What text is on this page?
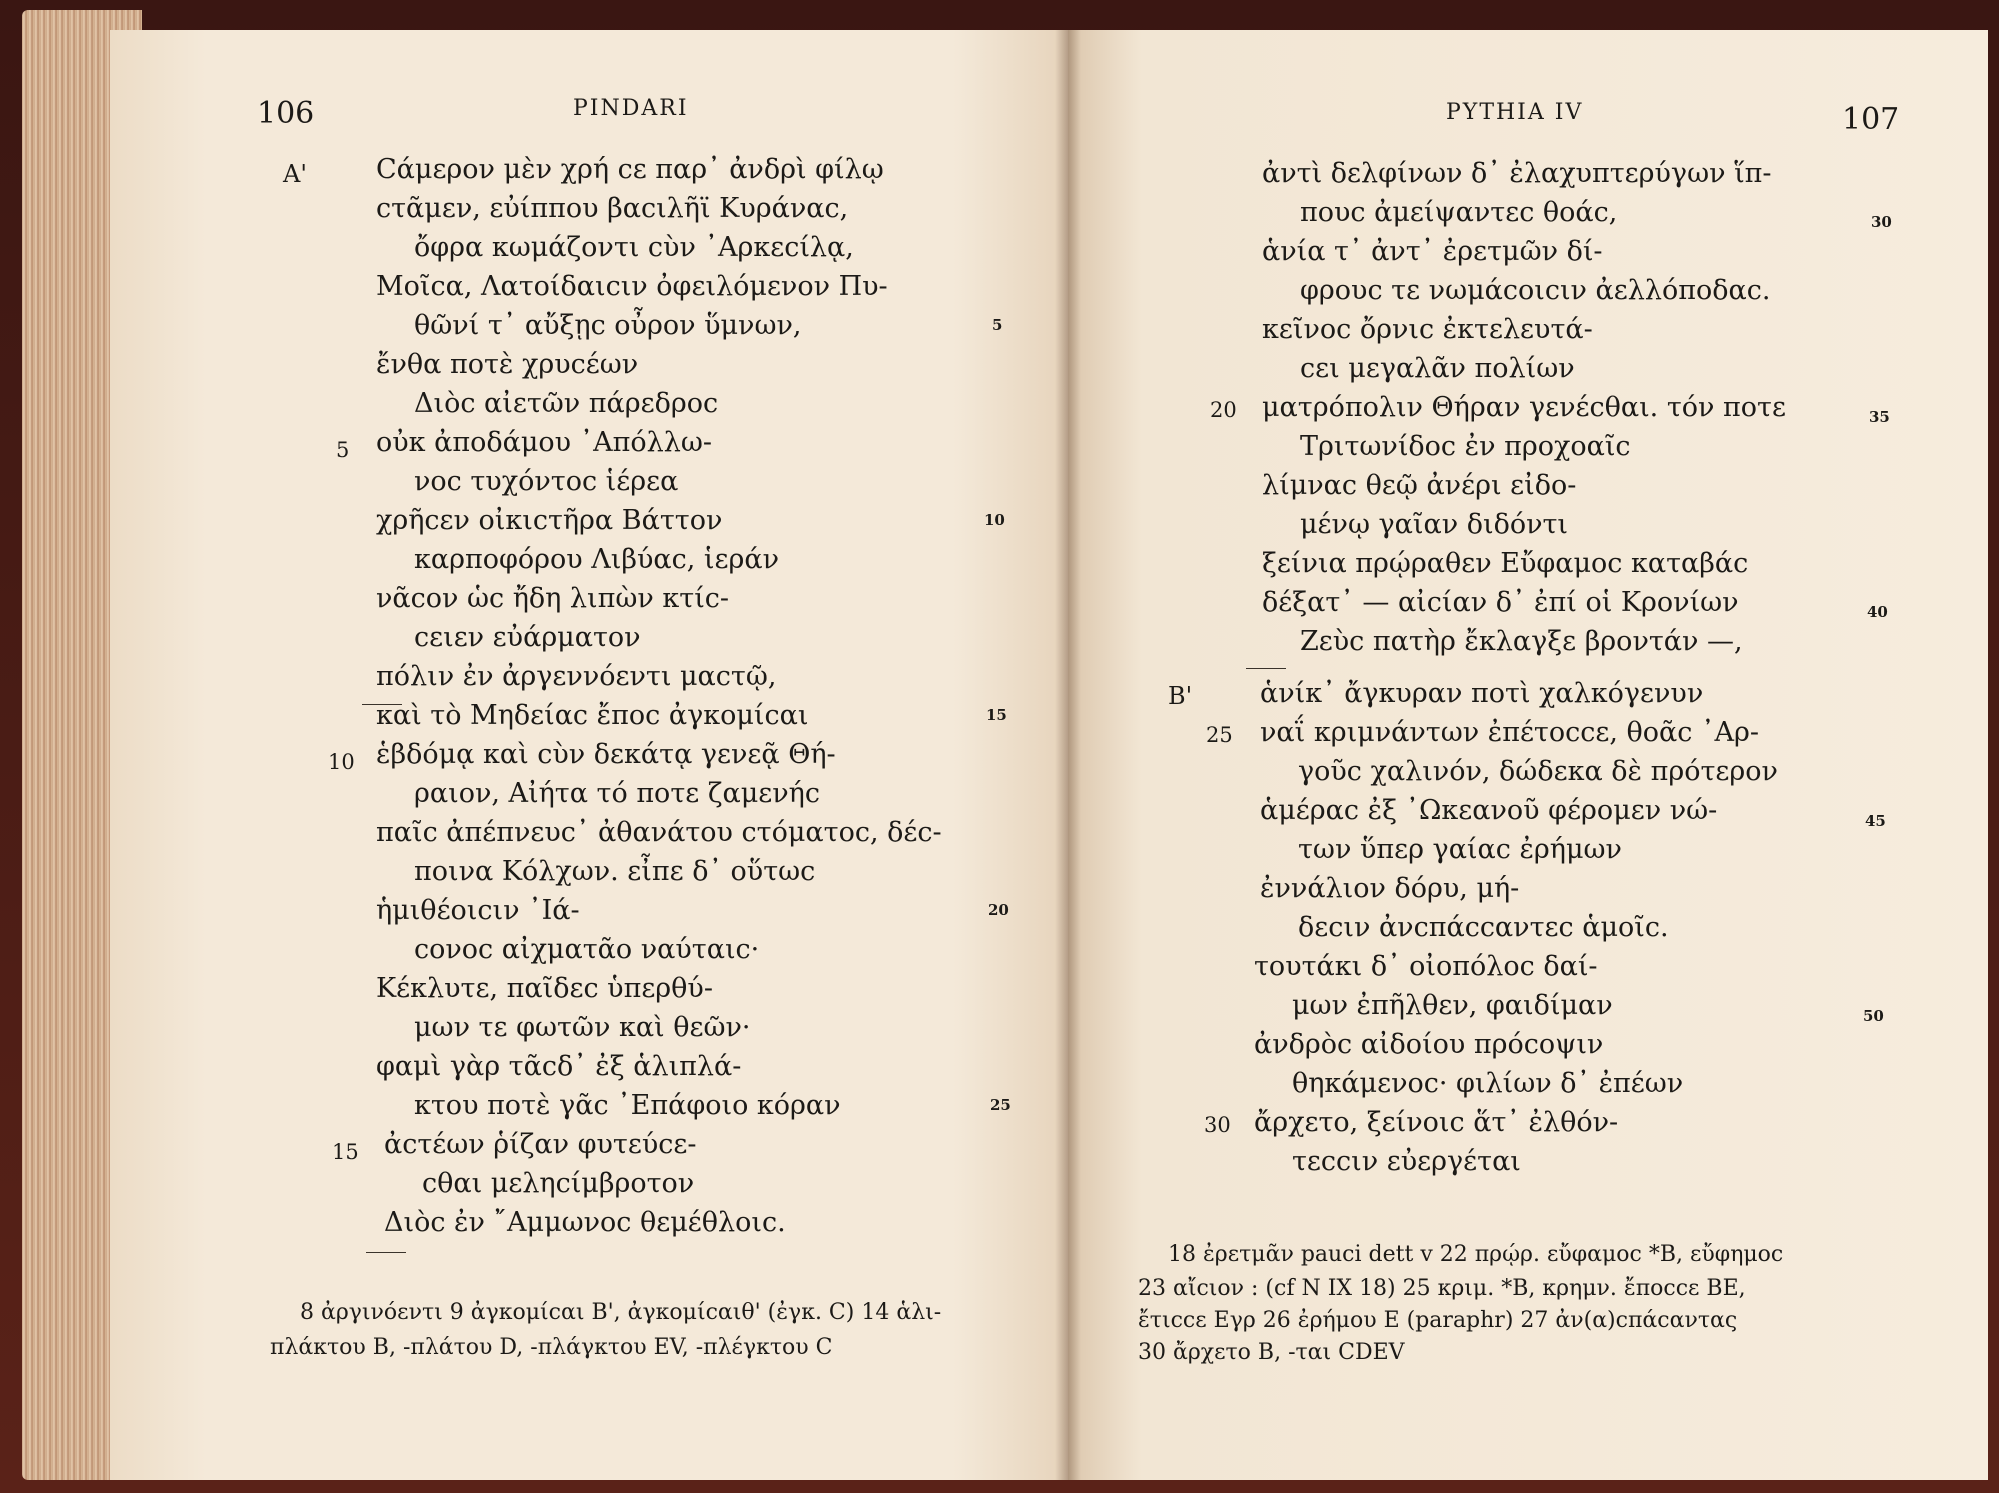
106	PINDARI
A'	Cάμερον μὲν χρή cε παρ᾽ ἀνδρὶ φίλῳ
cτᾶμεν, εὐίππου βαcιλῆϊ Κυράναc,
ὄφρα κωμάζοντι cὺν ᾿Αρκεcίλᾳ,
Μοῖcα, Λατοίδαιcιν ὀφειλόμενον Πυ-
θῶνί τ᾽ αὔξῃc οὖρον ὕμνων,
ἔνθα ποτὲ χρυcέων
Διὸc αἰετῶν πάρεδροc
οὐκ ἀποδάμου ᾿Απόλλω-
νοc τυχόντοc ἱέρεα
χρῆcεν οἰκιcτῆρα Βάττον
καρποφόρου Λιβύαc, ἱεράν
νᾶcον ὡc ἤδη λιπὼν κτίc-
cειεν εὐάρματον
πόλιν ἐν ἀργεννόεντι μαcτῷ,
καὶ τὸ Μηδείαc ἔποc ἀγκομίcαι
ἑβδόμᾳ καὶ cὺν δεκάτᾳ γενεᾷ Θή-
ραιον, Αἰήτα τό ποτε ζαμενήc
παῖc ἀπέπνευc᾽ ἀθανάτου cτόματοc, δέc-
ποινα Κόλχων. εἶπε δ᾽ οὕτωc
ἡμιθέοιcιν ᾿Ιά-
cονοc αἰχματᾶο ναύταιc·
Κέκλυτε, παῖδεc ὑπερθύ-
μων τε φωτῶν καὶ θεῶν·
φαμὶ γὰρ τᾶcδ᾽ ἐξ ἁλιπλά-
κτου ποτὲ γᾶc ᾿Επάφοιο κόραν
ἀcτέων ῥίζαν φυτεύcε-
cθαι μεληcίμβροτον
Διὸc ἐν ῎Αμμωνοc θεμέθλοιc.
5
10
15
5
10
15
20
25
8 ἀργινόεντι 9 ἀγκομίcαι B', ἀγκομίcαιθ' (ἐγκ. C) 14 ἁλι-
πλάκτου B, -πλάτου D, -πλάγκτου EV, -πλέγκτου C
PYTHIA IV	107
ἀντὶ δελφίνων δ᾽ ἐλαχυπτερύγων ἵπ-
πουc ἀμείψαντεc θοάc,
ἁνία τ᾽ ἀντ᾽ ἐρετμῶν δί-
φρουc τε νωμάcοιcιν ἀελλόποδαc.
κεῖνοc ὄρνιc ἐκτελευτά-
cει μεγαλᾶν πολίων
ματρόπολιν Θήραν γενέcθαι. τόν ποτε
Τριτωνίδοc ἐν προχοαῖc
λίμναc θεῷ ἀνέρι εἰδο-
μένῳ γαῖαν διδόντι
ξείνια πρῴραθεν Εὔφαμοc καταβάc
δέξατ᾽ — αἰcίαν δ᾽ ἐπί οἱ Κρονίων
Ζεὺc πατὴρ ἔκλαγξε βροντάν —,
B'	ἁνίκ᾽ ἄγκυραν ποτὶ χαλκόγενυν
ναΐ κριμνάντων ἐπέτοccε, θοᾶc ᾿Αρ-
γοῦc χαλινόν, δώδεκα δὲ πρότερον
ἁμέραc ἐξ ᾿Ωκεανοῦ φέρομεν νώ-
των ὕπερ γαίαc ἐρήμων
ἐννάλιον δόρυ, μή-
δεcιν ἀνcπάccαντεc ἁμοῖc.
τουτάκι δ᾽ οἰοπόλοc δαί-
μων ἐπῆλθεν, φαιδίμαν
ἀνδρὸc αἰδοίου πρόcοψιν
θηκάμενοc· φιλίων δ᾽ ἐπέων
ἄρχετο, ξείνοιc ἅτ᾽ ἐλθόν-
τεccιν εὐεργέται
20
25
30
30
35
40
45
50
18 ἐρετμᾶν pauci dett v 22 πρῴρ. εὔφαμοc *B, εὔφημοc
23 αἴcιον : (cf N IX 18) 25 κριμ. *B, κρημν. ἔποccε BE,
ἔτιccε Eγρ 26 ἐρήμου E (paraphr) 27 ἀν(α)cπάcαντας
30 ἄρχετο B, -ται CDEV
